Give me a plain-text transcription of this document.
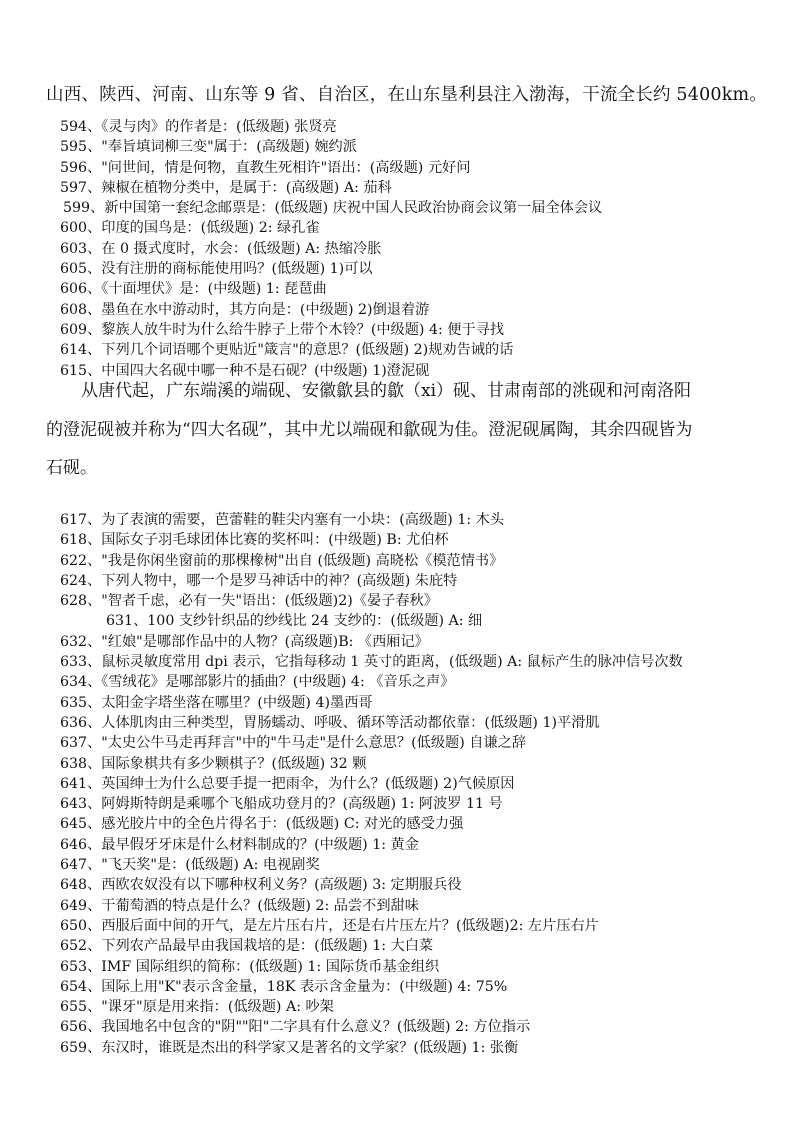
山西、陕西、河南、山东等 9 省、自治区，在山东垦利县注入渤海，干流全长约 5400km。
594、《灵与肉》的作者是：(低级题) 张贤亮
595、"奉旨填词柳三变"属于：(高级题) 婉约派
596、"问世间，情是何物，直教生死相许"语出：(高级题) 元好问
597、辣椒在植物分类中，是属于：(高级题) A: 茄科
599、新中国第一套纪念邮票是：(低级题) 庆祝中国人民政治协商会议第一届全体会议
600、印度的国鸟是：(低级题) 2: 绿孔雀
603、在 0 摄式度时，水会：(低级题) A: 热缩冷胀
605、没有注册的商标能使用吗？(低级题) 1)可以
606、《十面埋伏》是：(中级题) 1: 琵琶曲
608、墨鱼在水中游动时，其方向是：(中级题) 2)倒退着游
609、黎族人放牛时为什么给牛脖子上带个木铃？(中级题) 4: 便于寻找
614、下列几个词语哪个更贴近"箴言"的意思？(低级题) 2)规劝告诫的话
615、中国四大名砚中哪一种不是石砚？(中级题) 1)澄泥砚
从唐代起，广东端溪的端砚、安徽歙县的歙（xi）砚、甘肃南部的洮砚和河南洛阳
的澄泥砚被并称为“四大名砚”，其中尤以端砚和歙砚为佳。澄泥砚属陶，其余四砚皆为
石砚。
617、为了表演的需要，芭蕾鞋的鞋尖内塞有一小块：(高级题) 1: 木头
618、国际女子羽毛球团体比赛的奖杯叫：(中级题) B: 尤伯杯
622、"我是你闲坐窗前的那棵橡树"出自 (低级题) 高晓松《模范情书》
624、下列人物中，哪一个是罗马神话中的神？(高级题) 朱庇特
628、"智者千虑，必有一失"语出：(低级题)2)《晏子春秋》
631、100 支纱针织品的纱线比 24 支纱的：(低级题) A: 细
632、"红娘"是哪部作品中的人物？(高级题)B: 《西厢记》
633、鼠标灵敏度常用 dpi 表示，它指每移动 1 英寸的距离，(低级题) A: 鼠标产生的脉冲信号次数
634、《雪绒花》是哪部影片的插曲？(中级题) 4: 《音乐之声》
635、太阳金字塔坐落在哪里？(中级题) 4)墨西哥
636、人体肌肉由三种类型，胃肠蠕动、呼吸、循环等活动都依靠：(低级题) 1)平滑肌
637、"太史公牛马走再拜言"中的"牛马走"是什么意思？(低级题) 自谦之辞
638、国际象棋共有多少颗棋子？(低级题) 32 颗
641、英国绅士为什么总要手提一把雨伞，为什么？(低级题) 2)气候原因
643、阿姆斯特朗是乘哪个飞船成功登月的？(高级题) 1: 阿波罗 11 号
645、感光胶片中的全色片得名于：(低级题) C: 对光的感受力强
646、最早假牙牙床是什么材料制成的？(中级题) 1: 黄金
647、"飞天奖"是：(低级题) A: 电视剧奖
648、西欧农奴没有以下哪种权利义务？(高级题) 3: 定期服兵役
649、干葡萄酒的特点是什么？(低级题) 2: 品尝不到甜味
650、西服后面中间的开气，是左片压右片，还是右片压左片？(低级题)2: 左片压右片
652、下列农产品最早由我国栽培的是：(低级题) 1: 大白菜
653、IMF 国际组织的简称：(低级题) 1: 国际货币基金组织
654、国际上用"K"表示含金量，18K 表示含金量为：(中级题) 4: 75%
655、"课牙"原是用来指：(低级题) A: 吵架
656、我国地名中包含的"阴""阳"二字具有什么意义？(低级题) 2: 方位指示
659、东汉时，谁既是杰出的科学家又是著名的文学家？(低级题) 1: 张衡
